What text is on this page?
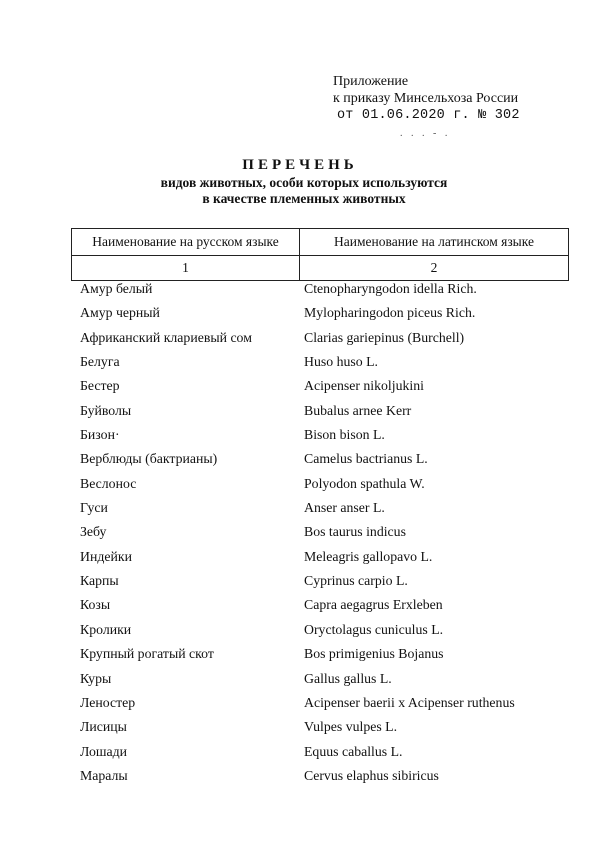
Приложение
к приказу Минсельхоза России
от 01.06.2020 г. № 302
. . . - .
ПЕРЕЧЕНЬ
видов животных, особи которых используются
в качестве племенных животных
Наименование на русском языке	Наименование на латинском языке
1	2
Амур белый	Ctenopharyngodon idella Rich.
Амур черный	Mylopharingodon piceus Rich.
Африканский клариевый сом	Clarias gariepinus (Burchell)
Белуга	Huso huso L.
Бестер	Acipenser nikoljukini
Буйволы	Bubalus arnee Kerr
Бизон·	Bison bison L.
Верблюды (бактрианы)	Camelus bactrianus L.
Веслонос	Polyodon spathula W.
Гуси	Anser anser L.
Зебу	Bos taurus indicus
Индейки	Meleagris gallopavo L.
Карпы	Cyprinus carpio L.
Козы	Capra aegagrus Erxleben
Кролики	Oryctolagus cuniculus L.
Крупный рогатый скот	Bos primigenius Bojanus
Куры	Gallus gallus L.
Леностер	Acipenser baerii x Acipenser ruthenus
Лисицы	Vulpes vulpes L.
Лошади	Equus caballus L.
Маралы	Cervus elaphus sibiricus
